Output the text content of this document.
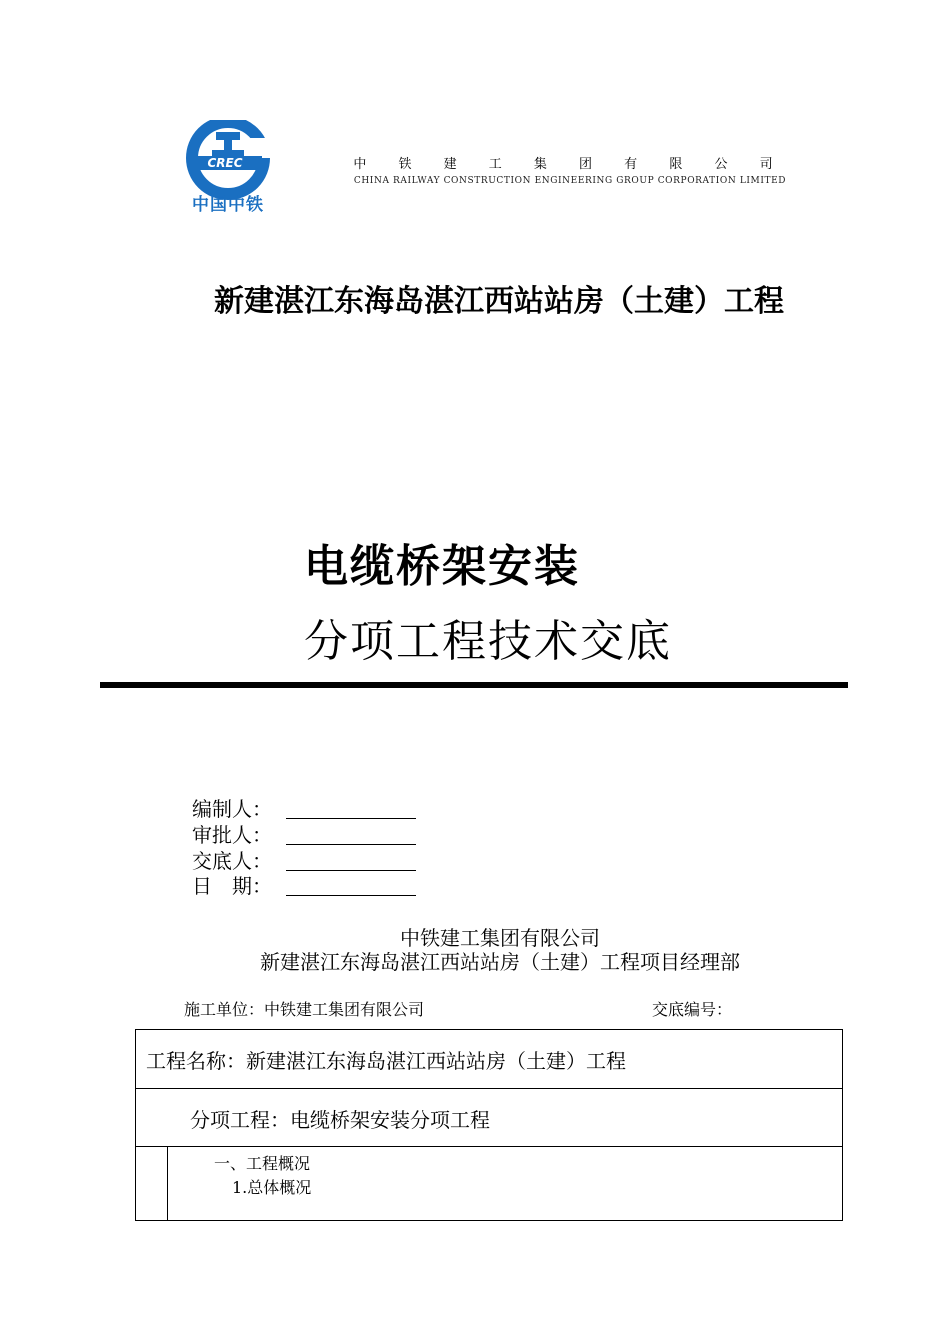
CREC
中国中铁
中 铁 建 工 集 团 有 限 公 司
CHINA RAILWAY CONSTRUCTION ENGINEERING GROUP CORPORATION LIMITED
新建湛江东海岛湛江西站站房（土建）工程
电缆桥架安装
分项工程技术交底
编制人：
审批人：
交底人：
日　期：
中铁建工集团有限公司
新建湛江东海岛湛江西站站房（土建）工程项目经理部
施工单位：中铁建工集团有限公司	交底编号：
工程名称：新建湛江东海岛湛江西站站房（土建）工程
分项工程：电缆桥架安装分项工程
一、工程概况
1.总体概况
